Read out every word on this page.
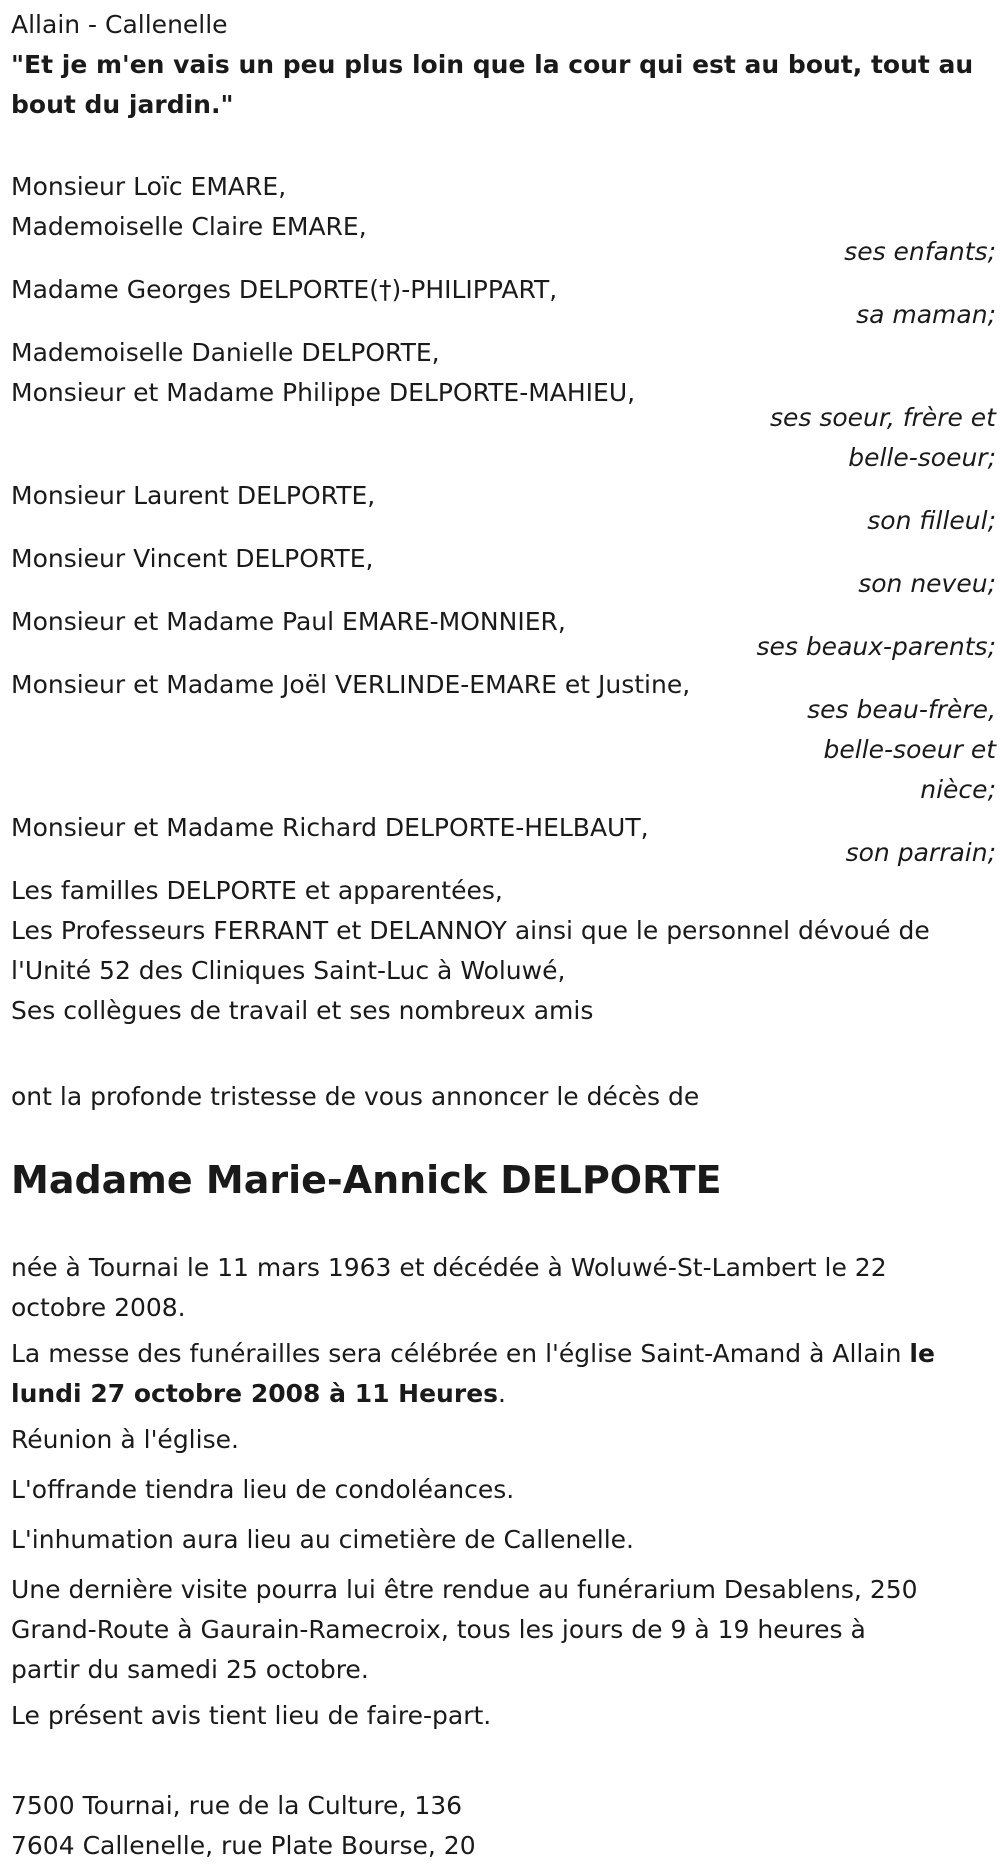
Allain - Callenelle
"Et je m'en vais un peu plus loin que la cour qui est au bout, tout au
bout du jardin."
Monsieur Loïc EMARE,
Mademoiselle Claire EMARE,
ses enfants;
Madame Georges DELPORTE(†)-PHILIPPART,
sa maman;
Mademoiselle Danielle DELPORTE,
Monsieur et Madame Philippe DELPORTE-MAHIEU,
ses soeur, frère et
belle-soeur;
Monsieur Laurent DELPORTE,
son filleul;
Monsieur Vincent DELPORTE,
son neveu;
Monsieur et Madame Paul EMARE-MONNIER,
ses beaux-parents;
Monsieur et Madame Joël VERLINDE-EMARE et Justine,
ses beau-frère,
belle-soeur et
nièce;
Monsieur et Madame Richard DELPORTE-HELBAUT,
son parrain;
Les familles DELPORTE et apparentées,
Les Professeurs FERRANT et DELANNOY ainsi que le personnel dévoué de
l'Unité 52 des Cliniques Saint-Luc à Woluwé,
Ses collègues de travail et ses nombreux amis
ont la profonde tristesse de vous annoncer le décès de
Madame Marie-Annick DELPORTE
née à Tournai le 11 mars 1963 et décédée à Woluwé-St-Lambert le 22
octobre 2008.
La messe des funérailles sera célébrée en l'église Saint-Amand à Allain le
lundi 27 octobre 2008 à 11 Heures.
Réunion à l'église.
L'offrande tiendra lieu de condoléances.
L'inhumation aura lieu au cimetière de Callenelle.
Une dernière visite pourra lui être rendue au funérarium Desablens, 250
Grand-Route à Gaurain-Ramecroix, tous les jours de 9 à 19 heures à
partir du samedi 25 octobre.
Le présent avis tient lieu de faire-part.
7500 Tournai, rue de la Culture, 136
7604 Callenelle, rue Plate Bourse, 20
